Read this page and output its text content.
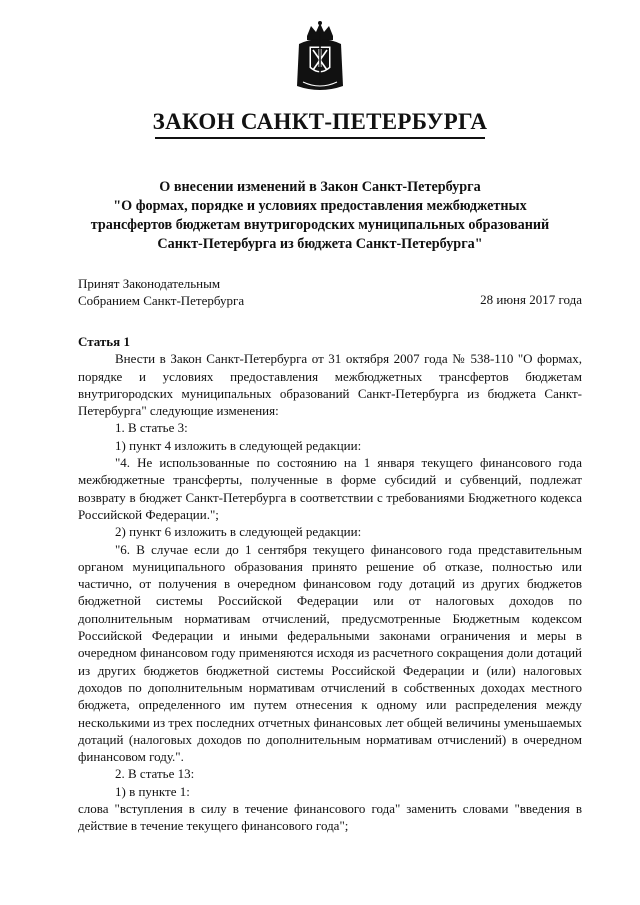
ЗАКОН САНКТ-ПЕТЕРБУРГА
О внесении изменений в Закон Санкт-Петербурга
"О формах, порядке и условиях предоставления межбюджетных
трансфертов бюджетам внутригородских муниципальных образований
Санкт-Петербурга из бюджета Санкт-Петербурга"
Принят Законодательным
Собранием Санкт-Петербурга	28 июня 2017 года

Статья 1

Внести в Закон Санкт-Петербурга от 31 октября 2007 года № 538-110 "О формах, порядке и условиях предоставления межбюджетных трансфертов бюджетам внутригородских муниципальных образований Санкт-Петербурга из бюджета Санкт-Петербурга" следующие изменения:

1. В статье 3:

1) пункт 4 изложить в следующей редакции:

"4. Не использованные по состоянию на 1 января текущего финансового года межбюджетные трансферты, полученные в форме субсидий и субвенций, подлежат возврату в бюджет Санкт-Петербурга в соответствии с требованиями Бюджетного кодекса Российской Федерации.";

2) пункт 6 изложить в следующей редакции:

"6. В случае если до 1 сентября текущего финансового года представительным органом муниципального образования принято решение об отказе, полностью или частично, от получения в очередном финансовом году дотаций из других бюджетов бюджетной системы Российской Федерации или от налоговых доходов по дополнительным нормативам отчислений, предусмотренные Бюджетным кодексом Российской Федерации и иными федеральными законами ограничения и меры в очередном финансовом году применяются исходя из расчетного сокращения доли дотаций из других бюджетов бюджетной системы Российской Федерации и (или) налоговых доходов по дополнительным нормативам отчислений в собственных доходах местного бюджета, определенного им путем отнесения к одному или распределения между несколькими из трех последних отчетных финансовых лет общей величины уменьшаемых дотаций (налоговых доходов по дополнительным нормативам отчислений) в очередном финансовом году.".

2. В статье 13:

1) в пункте 1:

слова "вступления в силу в течение финансового года" заменить словами "введения в действие в течение текущего финансового года";
